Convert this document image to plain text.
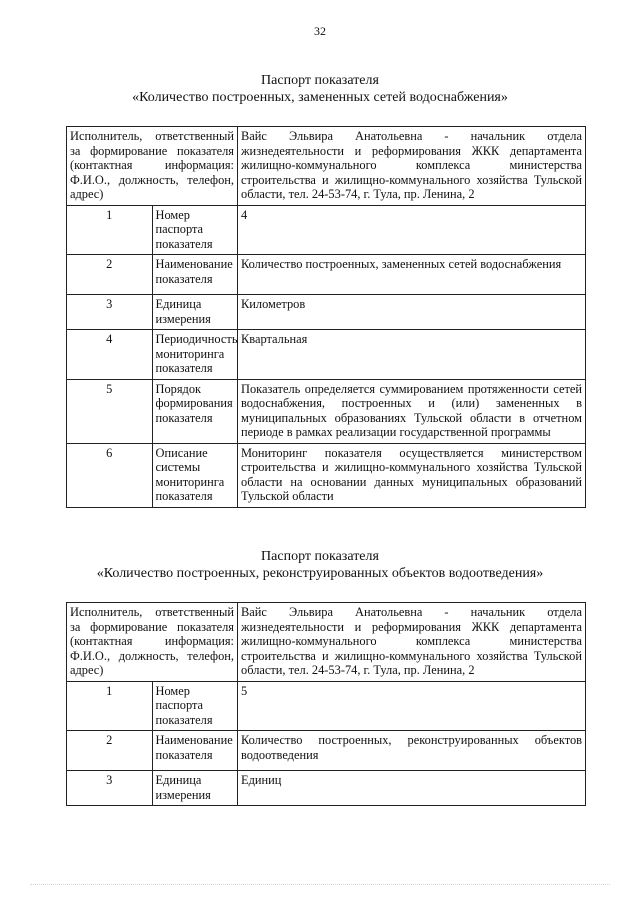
32
Паспорт показателя
«Количество построенных, замененных сетей водоснабжения»
Исполнитель, ответственный за формирование показателя (контактная информация: Ф.И.О., должность, телефон, адрес)		Вайс Эльвира Анатольевна - начальник отдела жизнедеятельности и реформирования ЖКК департамента жилищно-коммунального комплекса министерства строительства и жилищно-коммунального хозяйства Тульской области, тел. 24-53-74, г. Тула, пр. Ленина, 2
1	Номер паспорта показателя	4
2	Наименование показателя	Количество построенных, замененных сетей водоснабжения
3	Единица измерения	Километров
4	Периодичность мониторинга показателя	Квартальная
5	Порядок формирования показателя	Показатель определяется суммированием протяженности сетей водоснабжения, построенных и (или) замененных в муниципальных образованиях Тульской области в отчетном периоде в рамках реализации государственной программы
6	Описание системы мониторинга показателя	Мониторинг показателя осуществляется министерством строительства и жилищно-коммунального хозяйства Тульской области на основании данных муниципальных образований Тульской области
Паспорт показателя
«Количество построенных, реконструированных объектов водоотведения»
Исполнитель, ответственный за формирование показателя (контактная информация: Ф.И.О., должность, телефон, адрес)		Вайс Эльвира Анатольевна - начальник отдела жизнедеятельности и реформирования ЖКК департамента жилищно-коммунального комплекса министерства строительства и жилищно-коммунального хозяйства Тульской области, тел. 24-53-74, г. Тула, пр. Ленина, 2
1	Номер паспорта показателя	5
2	Наименование показателя	Количество построенных, реконструированных объектов водоотведения
3	Единица измерения	Единиц
